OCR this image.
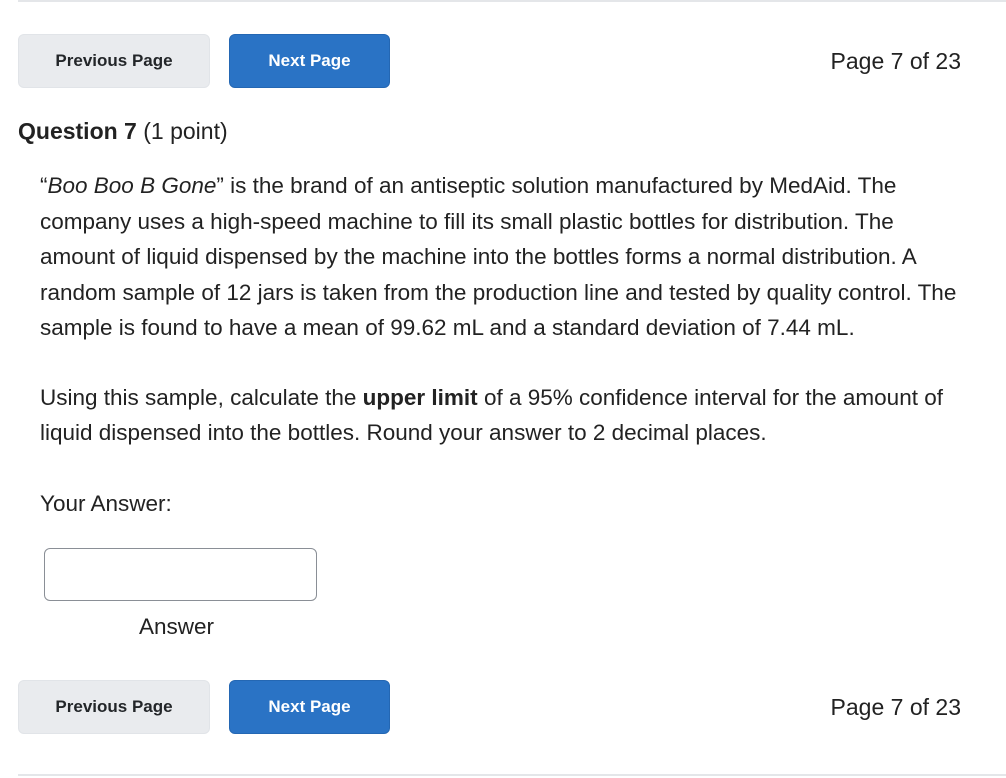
Previous Page	Next Page	Page 7 of 23
Question 7 (1 point)

“Boo Boo B Gone” is the brand of an antiseptic solution manufactured by MedAid. The company uses a high-speed machine to fill its small plastic bottles for distribution. The amount of liquid dispensed by the machine into the bottles forms a normal distribution. A random sample of 12 jars is taken from the production line and tested by quality control. The sample is found to have a mean of 99.62 mL and a standard deviation of 7.44 mL.

Using this sample, calculate the upper limit of a 95% confidence interval for the amount of liquid dispensed into the bottles. Round your answer to 2 decimal places.

Your Answer:
Answer
Previous Page	Next Page	Page 7 of 23
